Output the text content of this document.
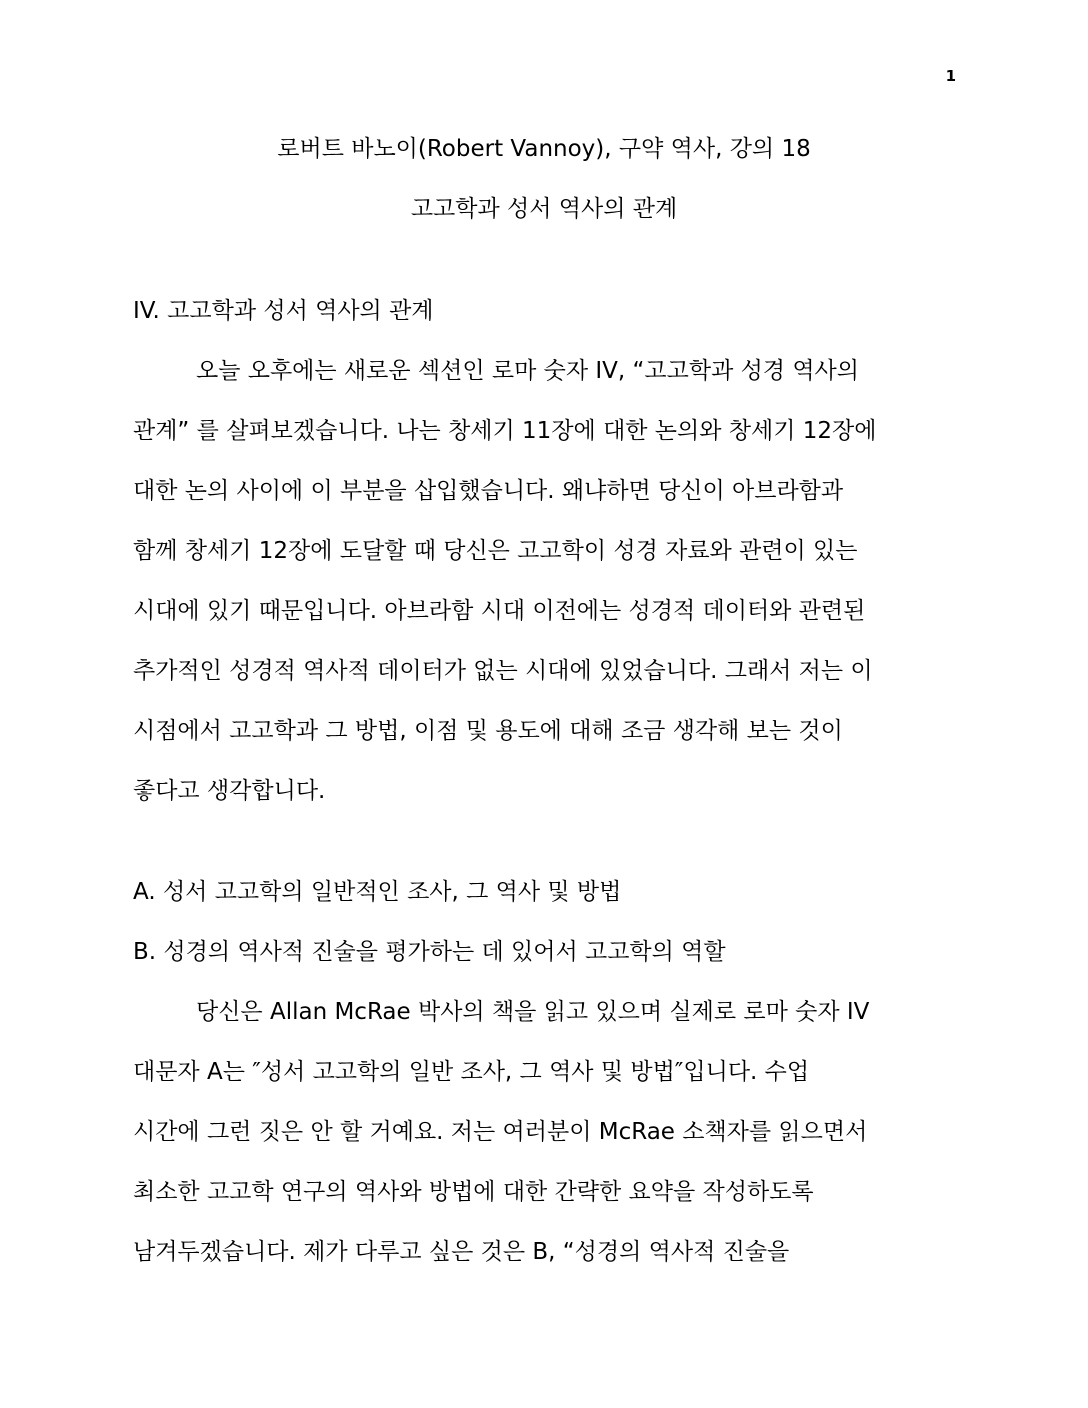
1
로버트 바노이(Robert Vannoy), 구약 역사, 강의 18
고고학과 성서 역사의 관계
IV. 고고학과 성서 역사의 관계
오늘 오후에는 새로운 섹션인 로마 숫자 IV, “고고학과 성경 역사의
관계” 를 살펴보겠습니다. 나는 창세기 11장에 대한 논의와 창세기 12장에
대한 논의 사이에 이 부분을 삽입했습니다. 왜냐하면 당신이 아브라함과
함께 창세기 12장에 도달할 때 당신은 고고학이 성경 자료와 관련이 있는
시대에 있기 때문입니다. 아브라함 시대 이전에는 성경적 데이터와 관련된
추가적인 성경적 역사적 데이터가 없는 시대에 있었습니다. 그래서 저는 이
시점에서 고고학과 그 방법, 이점 및 용도에 대해 조금 생각해 보는 것이
좋다고 생각합니다.
A. 성서 고고학의 일반적인 조사, 그 역사 및 방법
B. 성경의 역사적 진술을 평가하는 데 있어서 고고학의 역할
당신은 Allan McRae 박사의 책을 읽고 있으며 실제로 로마 숫자 IV
대문자 A는 ″성서 고고학의 일반 조사, 그 역사 및 방법″입니다. 수업
시간에 그런 짓은 안 할 거예요. 저는 여러분이 McRae 소책자를 읽으면서
최소한 고고학 연구의 역사와 방법에 대한 간략한 요약을 작성하도록
남겨두겠습니다. 제가 다루고 싶은 것은 B, “성경의 역사적 진술을
